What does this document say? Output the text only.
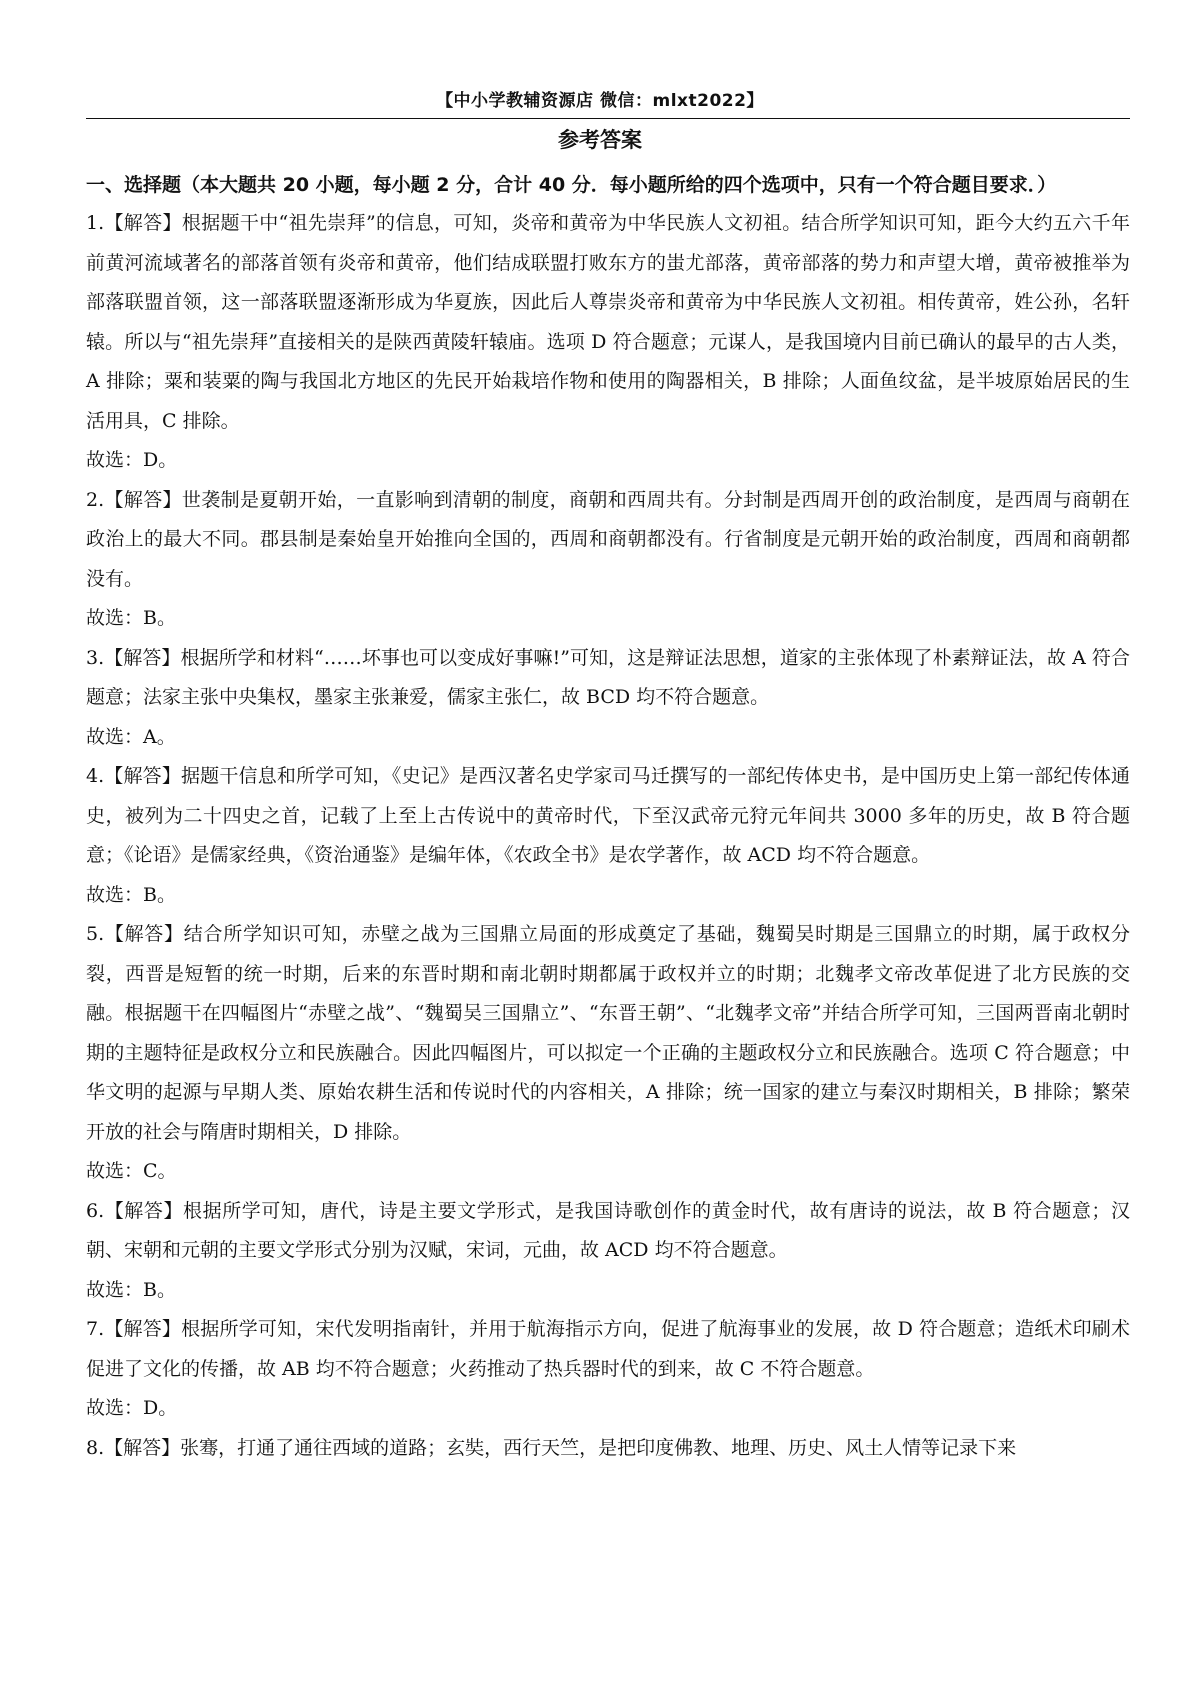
【中小学教辅资源店 微信：mlxt2022】
参考答案

一、选择题（本大题共 20 小题，每小题 2 分，合计 40 分．每小题所给的四个选项中，只有一个符合题目要求．）

1.【解答】根据题干中“祖先崇拜”的信息，可知，炎帝和黄帝为中华民族人文初祖。结合所学知识可知，距今大约五六千年前黄河流域著名的部落首领有炎帝和黄帝，他们结成联盟打败东方的蚩尤部落，黄帝部落的势力和声望大增，黄帝被推举为部落联盟首领，这一部落联盟逐渐形成为华夏族，因此后人尊崇炎帝和黄帝为中华民族人文初祖。相传黄帝，姓公孙，名轩辕。所以与“祖先崇拜”直接相关的是陕西黄陵轩辕庙。选项 D 符合题意；元谋人，是我国境内目前已确认的最早的古人类，A 排除；粟和装粟的陶与我国北方地区的先民开始栽培作物和使用的陶器相关，B 排除；人面鱼纹盆，是半坡原始居民的生活用具，C 排除。

故选：D。

2.【解答】世袭制是夏朝开始，一直影响到清朝的制度，商朝和西周共有。分封制是西周开创的政治制度，是西周与商朝在政治上的最大不同。郡县制是秦始皇开始推向全国的，西周和商朝都没有。行省制度是元朝开始的政治制度，西周和商朝都没有。

故选：B。

3.【解答】根据所学和材料“……坏事也可以变成好事嘛!”可知，这是辩证法思想，道家的主张体现了朴素辩证法，故 A 符合题意；法家主张中央集权，墨家主张兼爱，儒家主张仁，故 BCD 均不符合题意。

故选：A。

4.【解答】据题干信息和所学可知，《史记》是西汉著名史学家司马迁撰写的一部纪传体史书，是中国历史上第一部纪传体通史，被列为二十四史之首，记载了上至上古传说中的黄帝时代，下至汉武帝元狩元年间共 3000 多年的历史，故 B 符合题意；《论语》是儒家经典，《资治通鉴》是编年体，《农政全书》是农学著作，故 ACD 均不符合题意。

故选：B。

5.【解答】结合所学知识可知，赤壁之战为三国鼎立局面的形成奠定了基础，魏蜀吴时期是三国鼎立的时期，属于政权分裂，西晋是短暂的统一时期，后来的东晋时期和南北朝时期都属于政权并立的时期；北魏孝文帝改革促进了北方民族的交融。根据题干在四幅图片“赤壁之战”、“魏蜀吴三国鼎立”、“东晋王朝”、“北魏孝文帝”并结合所学可知，三国两晋南北朝时期的主题特征是政权分立和民族融合。因此四幅图片，可以拟定一个正确的主题政权分立和民族融合。选项 C 符合题意；中华文明的起源与早期人类、原始农耕生活和传说时代的内容相关，A 排除；统一国家的建立与秦汉时期相关，B 排除；繁荣开放的社会与隋唐时期相关，D 排除。

故选：C。

6.【解答】根据所学可知，唐代，诗是主要文学形式，是我国诗歌创作的黄金时代，故有唐诗的说法，故 B 符合题意；汉朝、宋朝和元朝的主要文学形式分别为汉赋，宋词，元曲，故 ACD 均不符合题意。

故选：B。

7.【解答】根据所学可知，宋代发明指南针，并用于航海指示方向，促进了航海事业的发展，故 D 符合题意；造纸术印刷术促进了文化的传播，故 AB 均不符合题意；火药推动了热兵器时代的到来，故 C 不符合题意。

故选：D。

8.【解答】张骞，打通了通往西域的道路；玄奘，西行天竺，是把印度佛教、地理、历史、风土人情等记录下来
